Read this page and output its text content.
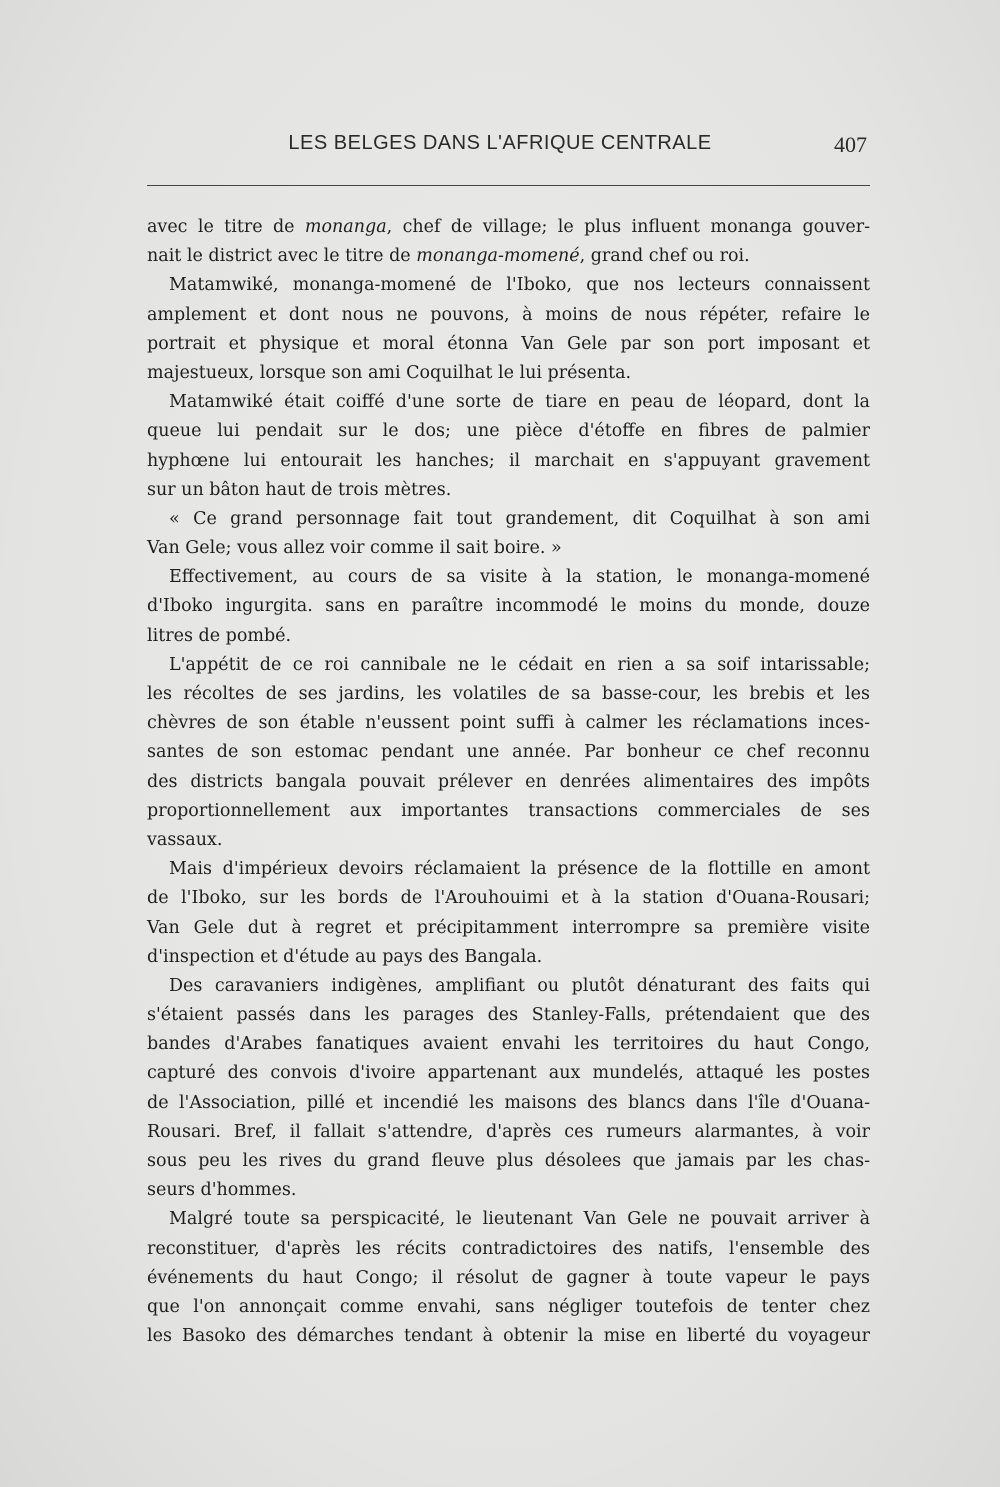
LES BELGES DANS L'AFRIQUE CENTRALE	407
avec le titre de monanga, chef de village; le plus influent monanga gouver-
nait le district avec le titre de monanga-momené, grand chef ou roi.
Matamwiké, monanga-momené de l'Iboko, que nos lecteurs connaissent
amplement et dont nous ne pouvons, à moins de nous répéter, refaire le
portrait et physique et moral étonna Van Gele par son port imposant et
majestueux, lorsque son ami Coquilhat le lui présenta.
Matamwiké était coiffé d'une sorte de tiare en peau de léopard, dont la
queue lui pendait sur le dos; une pièce d'étoffe en fibres de palmier
hyphœne lui entourait les hanches; il marchait en s'appuyant gravement
sur un bâton haut de trois mètres.
« Ce grand personnage fait tout grandement, dit Coquilhat à son ami
Van Gele; vous allez voir comme il sait boire. »
Effectivement, au cours de sa visite à la station, le monanga-momené
d'Iboko ingurgita. sans en paraître incommodé le moins du monde, douze
litres de pombé.
L'appétit de ce roi cannibale ne le cédait en rien a sa soif intarissable;
les récoltes de ses jardins, les volatiles de sa basse-cour, les brebis et les
chèvres de son étable n'eussent point suffi à calmer les réclamations inces-
santes de son estomac pendant une année. Par bonheur ce chef reconnu
des districts bangala pouvait prélever en denrées alimentaires des impôts
proportionnellement aux importantes transactions commerciales de ses
vassaux.
Mais d'impérieux devoirs réclamaient la présence de la flottille en amont
de l'Iboko, sur les bords de l'Arouhouimi et à la station d'Ouana-Rousari;
Van Gele dut à regret et précipitamment interrompre sa première visite
d'inspection et d'étude au pays des Bangala.
Des caravaniers indigènes, amplifiant ou plutôt dénaturant des faits qui
s'étaient passés dans les parages des Stanley-Falls, prétendaient que des
bandes d'Arabes fanatiques avaient envahi les territoires du haut Congo,
capturé des convois d'ivoire appartenant aux mundelés, attaqué les postes
de l'Association, pillé et incendié les maisons des blancs dans l'île d'Ouana-
Rousari. Bref, il fallait s'attendre, d'après ces rumeurs alarmantes, à voir
sous peu les rives du grand fleuve plus désolees que jamais par les chas-
seurs d'hommes.
Malgré toute sa perspicacité, le lieutenant Van Gele ne pouvait arriver à
reconstituer, d'après les récits contradictoires des natifs, l'ensemble des
événements du haut Congo; il résolut de gagner à toute vapeur le pays
que l'on annonçait comme envahi, sans négliger toutefois de tenter chez
les Basoko des démarches tendant à obtenir la mise en liberté du voyageur
